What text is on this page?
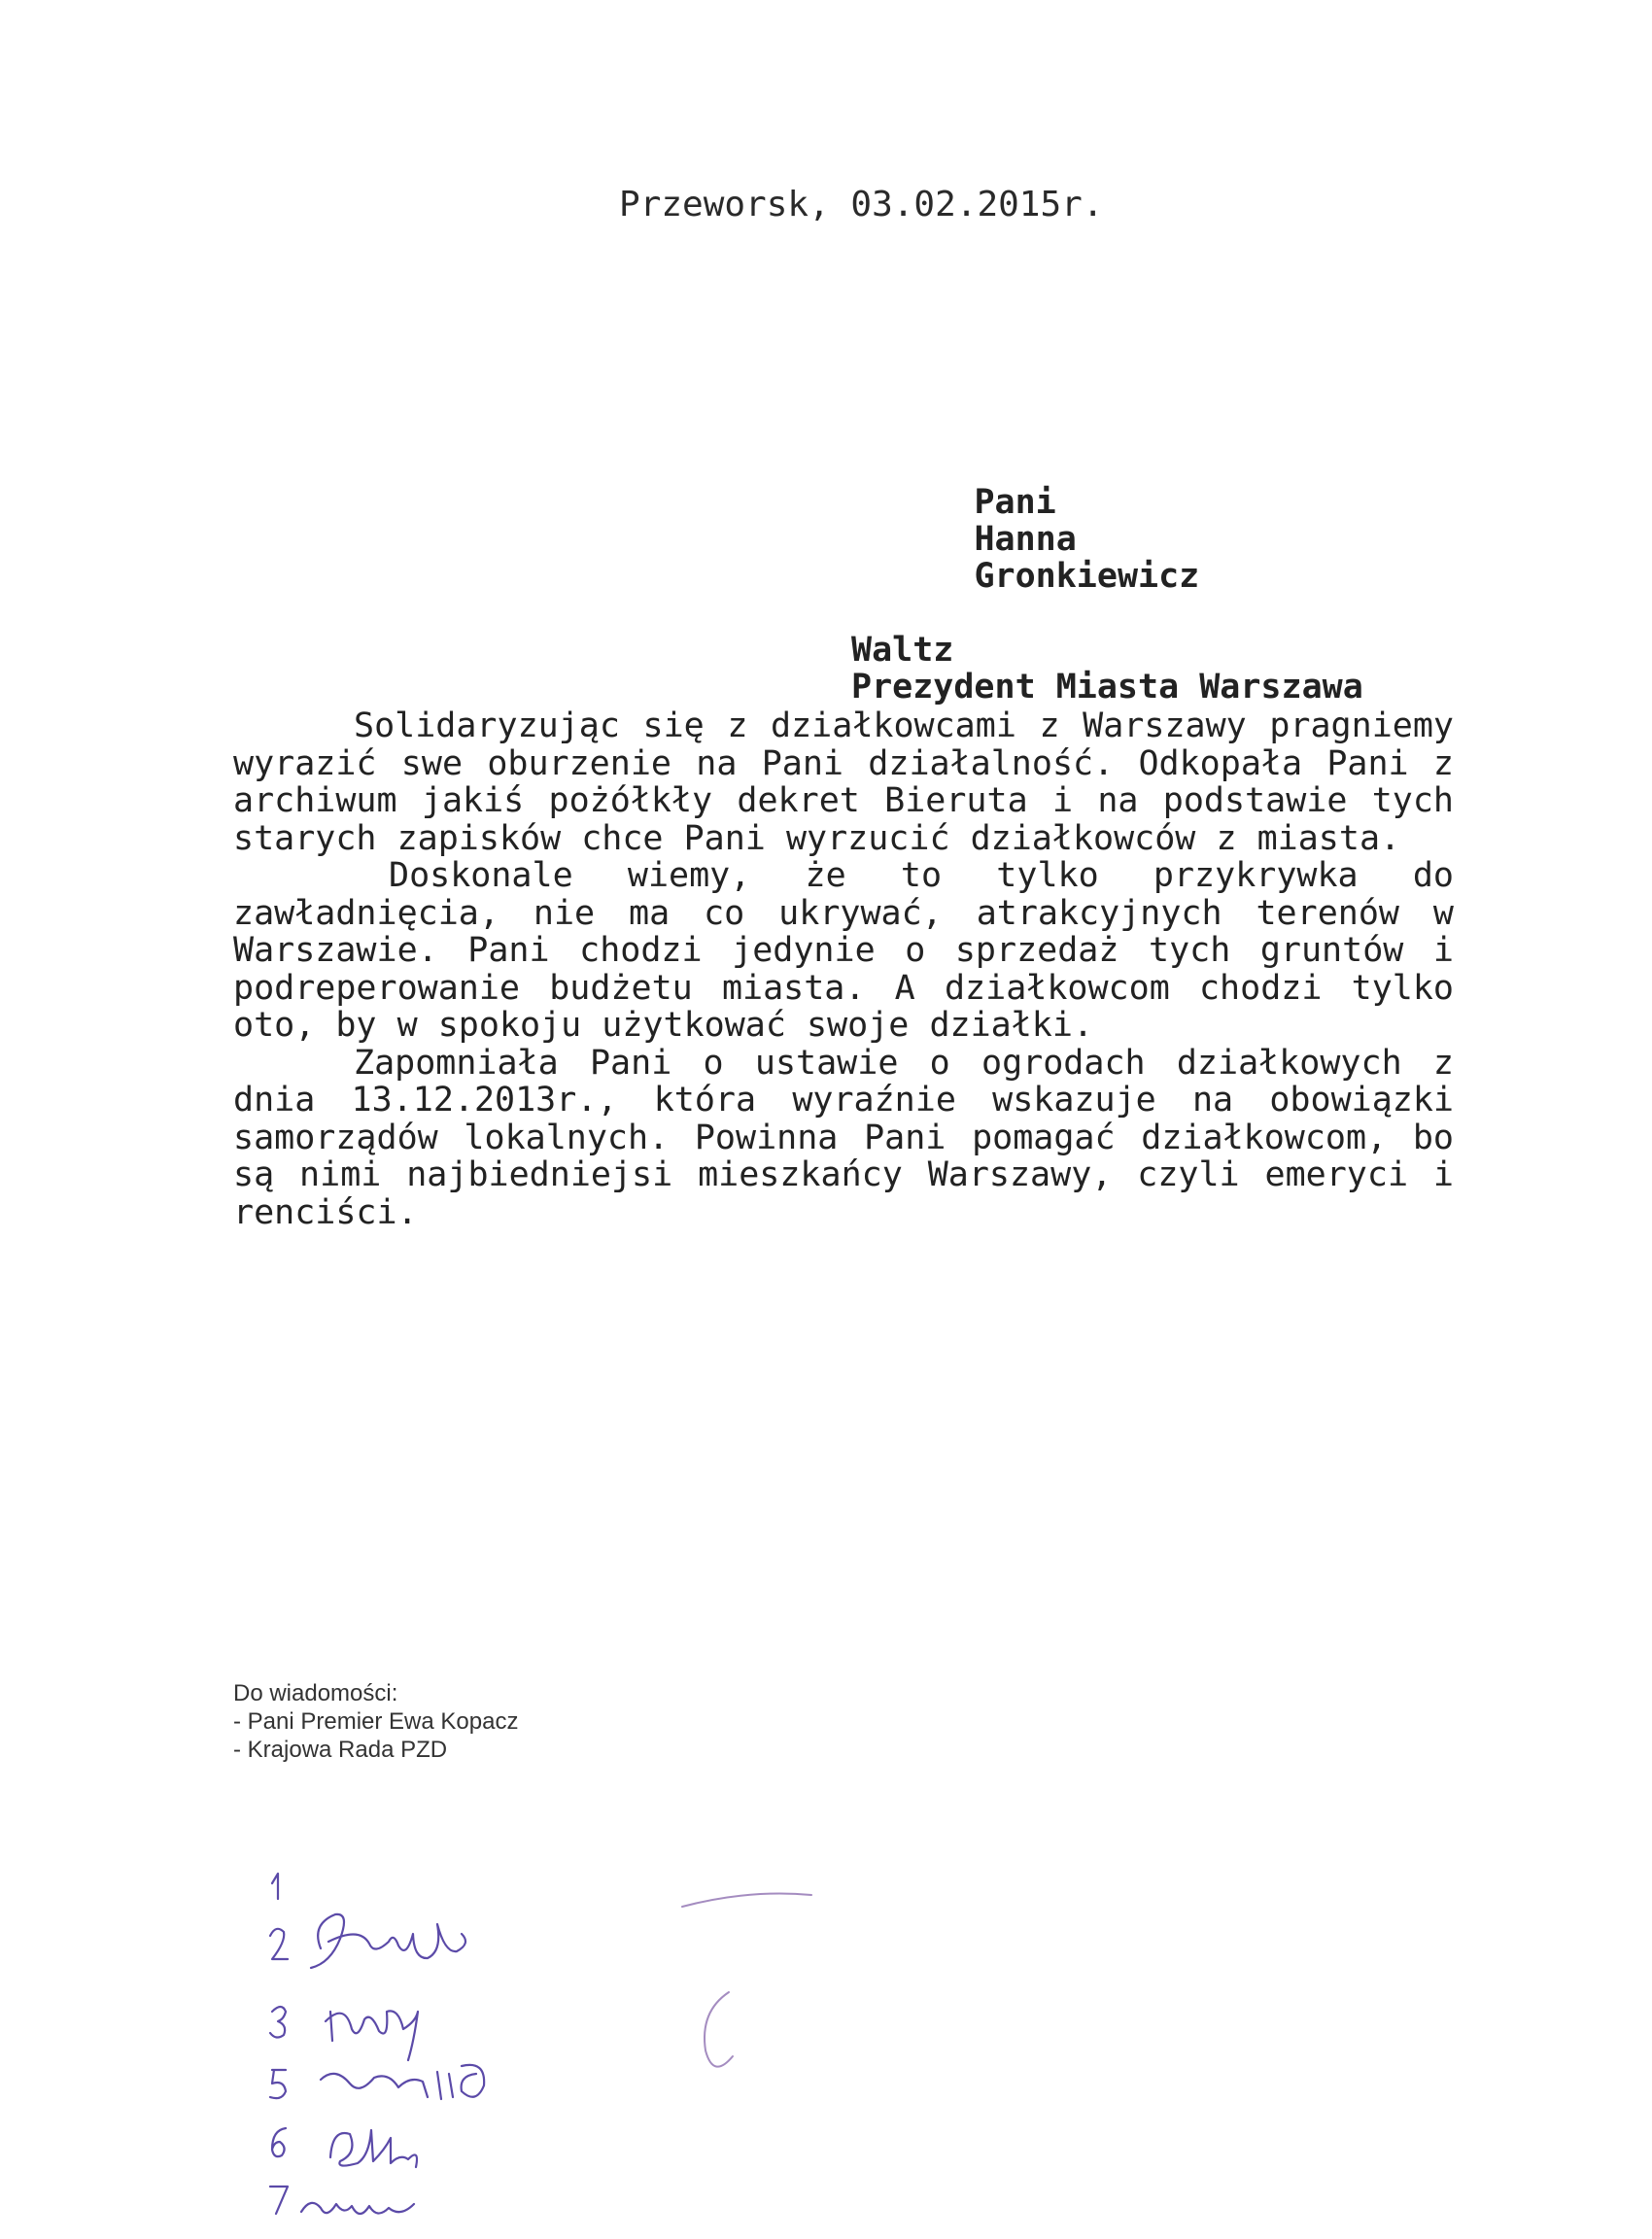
Przeworsk, 03.02.2015r.

Pani
Hanna
Gronkiewicz

Waltz
Prezydent Miasta Warszawa

Solidaryzując się z działkowcami z Warszawy pragniemy wyrazić swe oburzenie na Pani działalność. Odkopała Pani z archiwum jakiś pożółkły dekret Bieruta i na podstawie tych starych zapisków chce Pani wyrzucić działkowców z miasta.

Doskonale wiemy, że to tylko przykrywka do zawładnięcia, nie ma co ukrywać, atrakcyjnych terenów w Warszawie. Pani chodzi jedynie o sprzedaż tych gruntów i podreperowanie budżetu miasta. A działkowcom chodzi tylko oto, by w spokoju użytkować swoje działki.

Zapomniała Pani o ustawie o ogrodach działkowych z dnia 13.12.2013r., która wyraźnie wskazuje na obowiązki samorządów lokalnych. Powinna Pani pomagać działkowcom, bo są nimi najbiedniejsi mieszkańcy Warszawy, czyli emeryci i renciści.

Do wiadomości:
- Pani Premier Ewa Kopacz
- Krajowa Rada PZD
